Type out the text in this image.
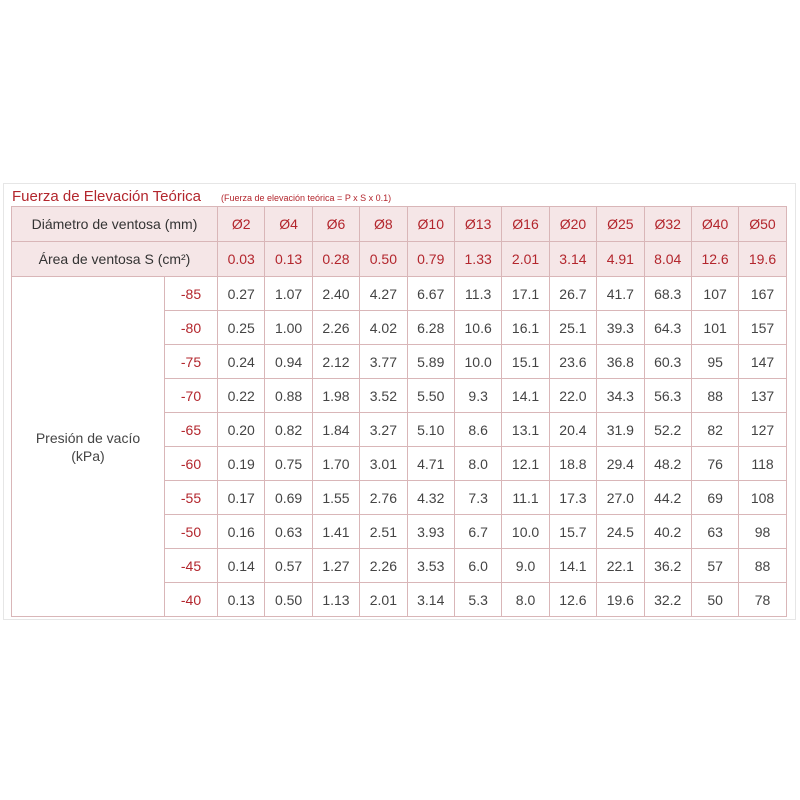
Fuerza de Elevación Teórica (Fuerza de elevación teórica = P x S x 0.1)
Diámetro de ventosa (mm)		Ø2	Ø4	Ø6	Ø8	Ø10	Ø13	Ø16	Ø20	Ø25	Ø32	Ø40	Ø50
Área de ventosa S (cm²)		0.03	0.13	0.28	0.50	0.79	1.33	2.01	3.14	4.91	8.04	12.6	19.6

Presión de vacío
(kPa)	-85	0.27	1.07	2.40	4.27	6.67	11.3	17.1	26.7	41.7	68.3	107	167
	-80	0.25	1.00	2.26	4.02	6.28	10.6	16.1	25.1	39.3	64.3	101	157
	-75	0.24	0.94	2.12	3.77	5.89	10.0	15.1	23.6	36.8	60.3	95	147
	-70	0.22	0.88	1.98	3.52	5.50	9.3	14.1	22.0	34.3	56.3	88	137
	-65	0.20	0.82	1.84	3.27	5.10	8.6	13.1	20.4	31.9	52.2	82	127
	-60	0.19	0.75	1.70	3.01	4.71	8.0	12.1	18.8	29.4	48.2	76	118
	-55	0.17	0.69	1.55	2.76	4.32	7.3	11.1	17.3	27.0	44.2	69	108
	-50	0.16	0.63	1.41	2.51	3.93	6.7	10.0	15.7	24.5	40.2	63	98
	-45	0.14	0.57	1.27	2.26	3.53	6.0	9.0	14.1	22.1	36.2	57	88
	-40	0.13	0.50	1.13	2.01	3.14	5.3	8.0	12.6	19.6	32.2	50	78
